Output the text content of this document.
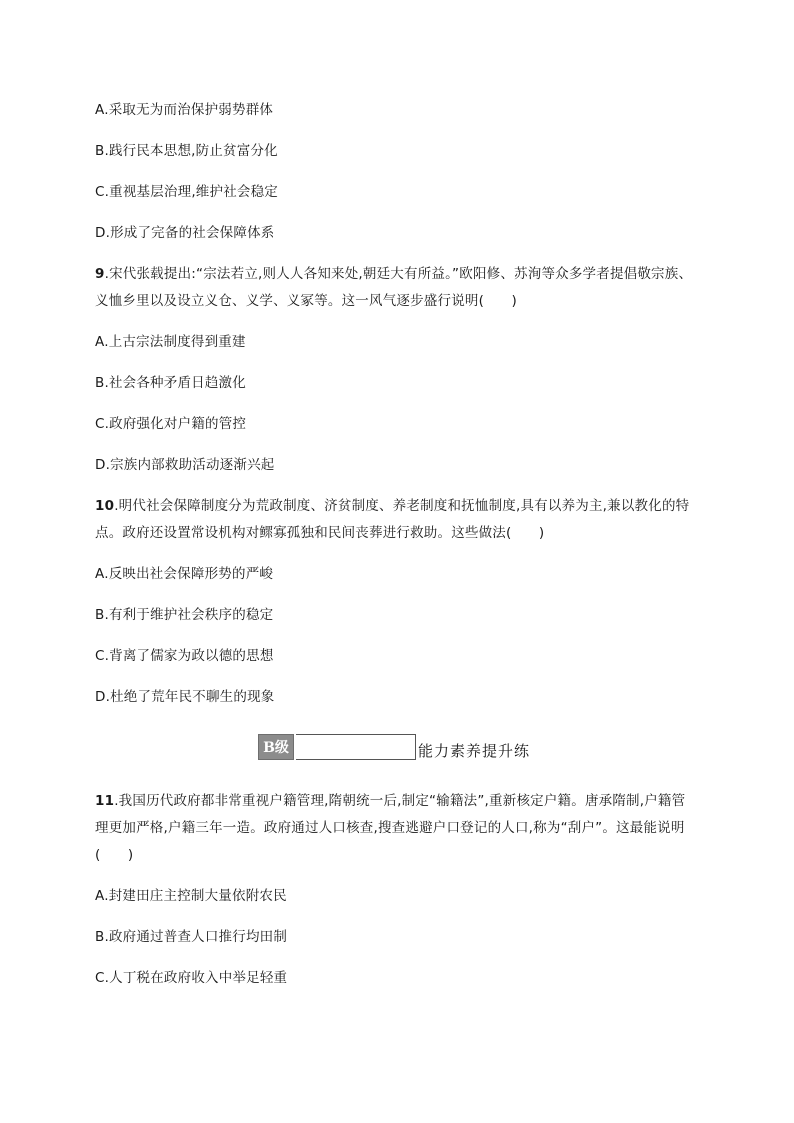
A.采取无为而治保护弱势群体
B.践行民本思想,防止贫富分化
C.重视基层治理,维护社会稳定
D.形成了完备的社会保障体系
9.宋代张载提出:“宗法若立,则人人各知来处,朝廷大有所益。”欧阳修、苏洵等众多学者提倡敬宗族、
义恤乡里以及设立义仓、义学、义冢等。这一风气逐步盛行说明(　　)
A.上古宗法制度得到重建
B.社会各种矛盾日趋激化
C.政府强化对户籍的管控
D.宗族内部救助活动逐渐兴起
10.明代社会保障制度分为荒政制度、济贫制度、养老制度和抚恤制度,具有以养为主,兼以教化的特
点。政府还设置常设机构对鳏寡孤独和民间丧葬进行救助。这些做法(　　)
A.反映出社会保障形势的严峻
B.有利于维护社会秩序的稳定
C.背离了儒家为政以德的思想
D.杜绝了荒年民不聊生的现象
B级	能力素养提升练
11.我国历代政府都非常重视户籍管理,隋朝统一后,制定“输籍法”,重新核定户籍。唐承隋制,户籍管
理更加严格,户籍三年一造。政府通过人口核查,搜查逃避户口登记的人口,称为“刮户”。这最能说明
(　　)
A.封建田庄主控制大量依附农民
B.政府通过普查人口推行均田制
C.人丁税在政府收入中举足轻重
